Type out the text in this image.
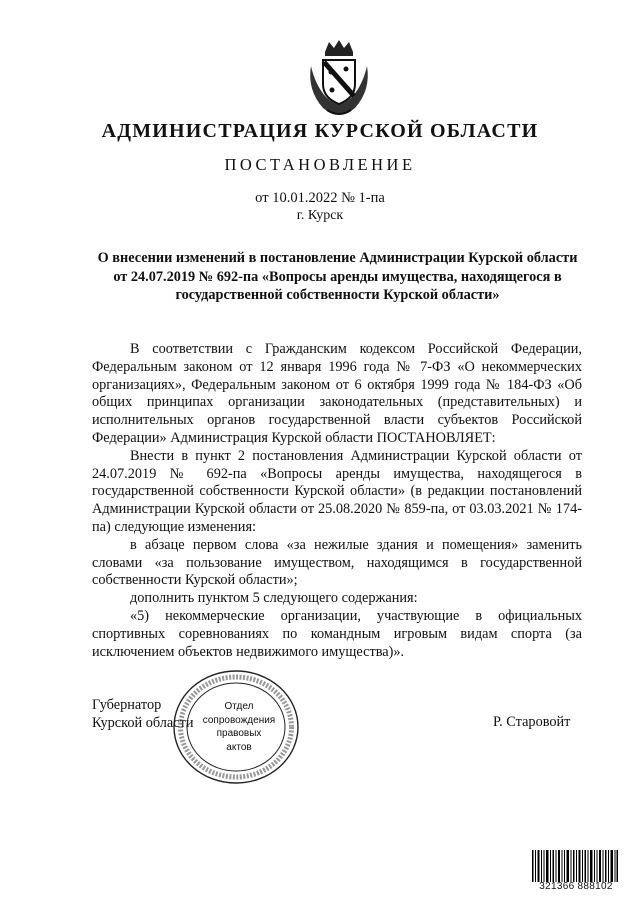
АДМИНИСТРАЦИЯ КУРСКОЙ ОБЛАСТИ
ПОСТАНОВЛЕНИЕ
от 10.01.2022 № 1-па
г. Курск
О внесении изменений в постановление Администрации Курской области от 24.07.2019 № 692-па «Вопросы аренды имущества, находящегося в государственной собственности Курской области»

В соответствии с Гражданским кодексом Российской Федерации, Федеральным законом от 12 января 1996 года № 7-ФЗ «О некоммерческих организациях», Федеральным законом от 6 октября 1999 года № 184-ФЗ «Об общих принципах организации законодательных (представительных) и исполнительных органов государственной власти субъектов Российской Федерации» Администрация Курской области ПОСТАНОВЛЯЕТ:

Внести в пункт 2 постановления Администрации Курской области от 24.07.2019 № 692-па «Вопросы аренды имущества, находящегося в государственной собственности Курской области» (в редакции постановлений Администрации Курской области от 25.08.2020 № 859-па, от 03.03.2021 № 174-па) следующие изменения:

в абзаце первом слова «за нежилые здания и помещения» заменить словами «за пользование имуществом, находящимся в государственной собственности Курской области»;

дополнить пунктом 5 следующего содержания:

«5) некоммерческие организации, участвующие в официальных спортивных соревнованиях по командным игровым видам спорта (за исключением объектов недвижимого имущества)».

Губернатор
Курской области	Р. Старовойт
Отдел
сопровождения
правовых
актов
321366 888102
